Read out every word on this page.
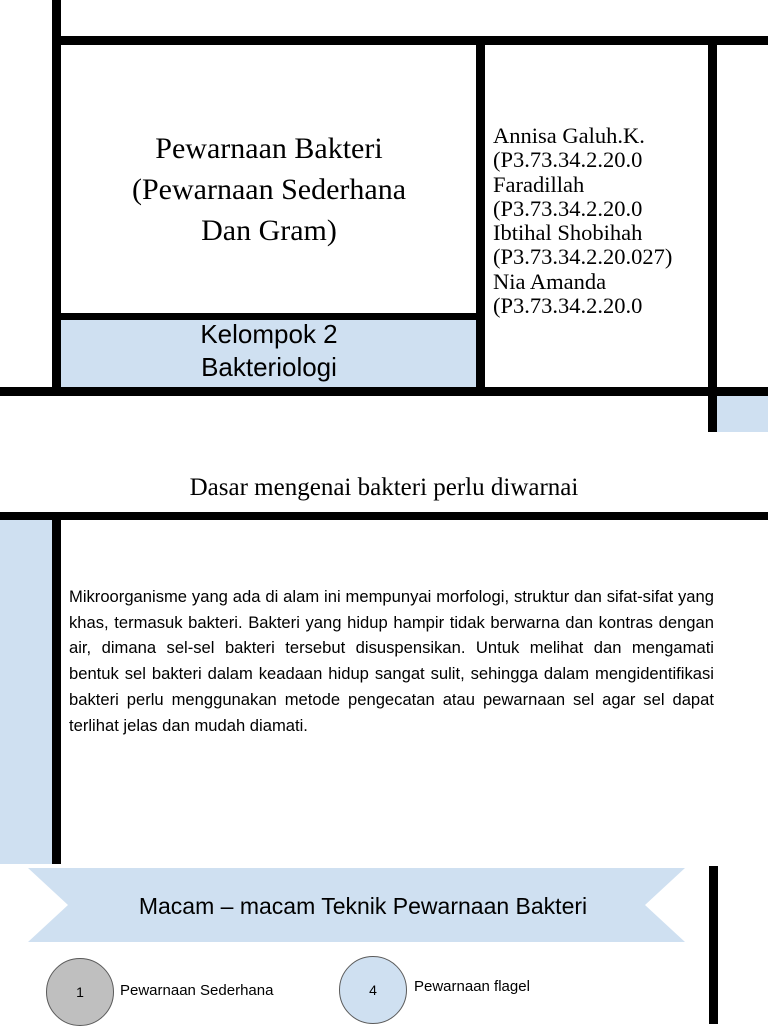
Pewarnaan Bakteri
(Pewarnaan Sederhana
Dan Gram)
Annisa Galuh.K.
(P3.73.34.2.20.0
Faradillah
(P3.73.34.2.20.0
Ibtihal Shobihah
(P3.73.34.2.20.027)
Nia Amanda
(P3.73.34.2.20.0
Kelompok 2
Bakteriologi
Dasar mengenai bakteri perlu diwarnai
Mikroorganisme yang ada di alam ini mempunyai morfologi, struktur dan sifat-sifat yang khas, termasuk bakteri. Bakteri yang hidup hampir tidak berwarna dan kontras dengan air, dimana sel-sel bakteri tersebut disuspensikan. Untuk melihat dan mengamati bentuk sel bakteri dalam keadaan hidup sangat sulit, sehingga dalam mengidentifikasi bakteri perlu menggunakan metode pengecatan atau pewarnaan sel agar sel dapat terlihat jelas dan mudah diamati.
Macam – macam Teknik Pewarnaan Bakteri
1 Pewarnaan Sederhana	4 Pewarnaan flagel
